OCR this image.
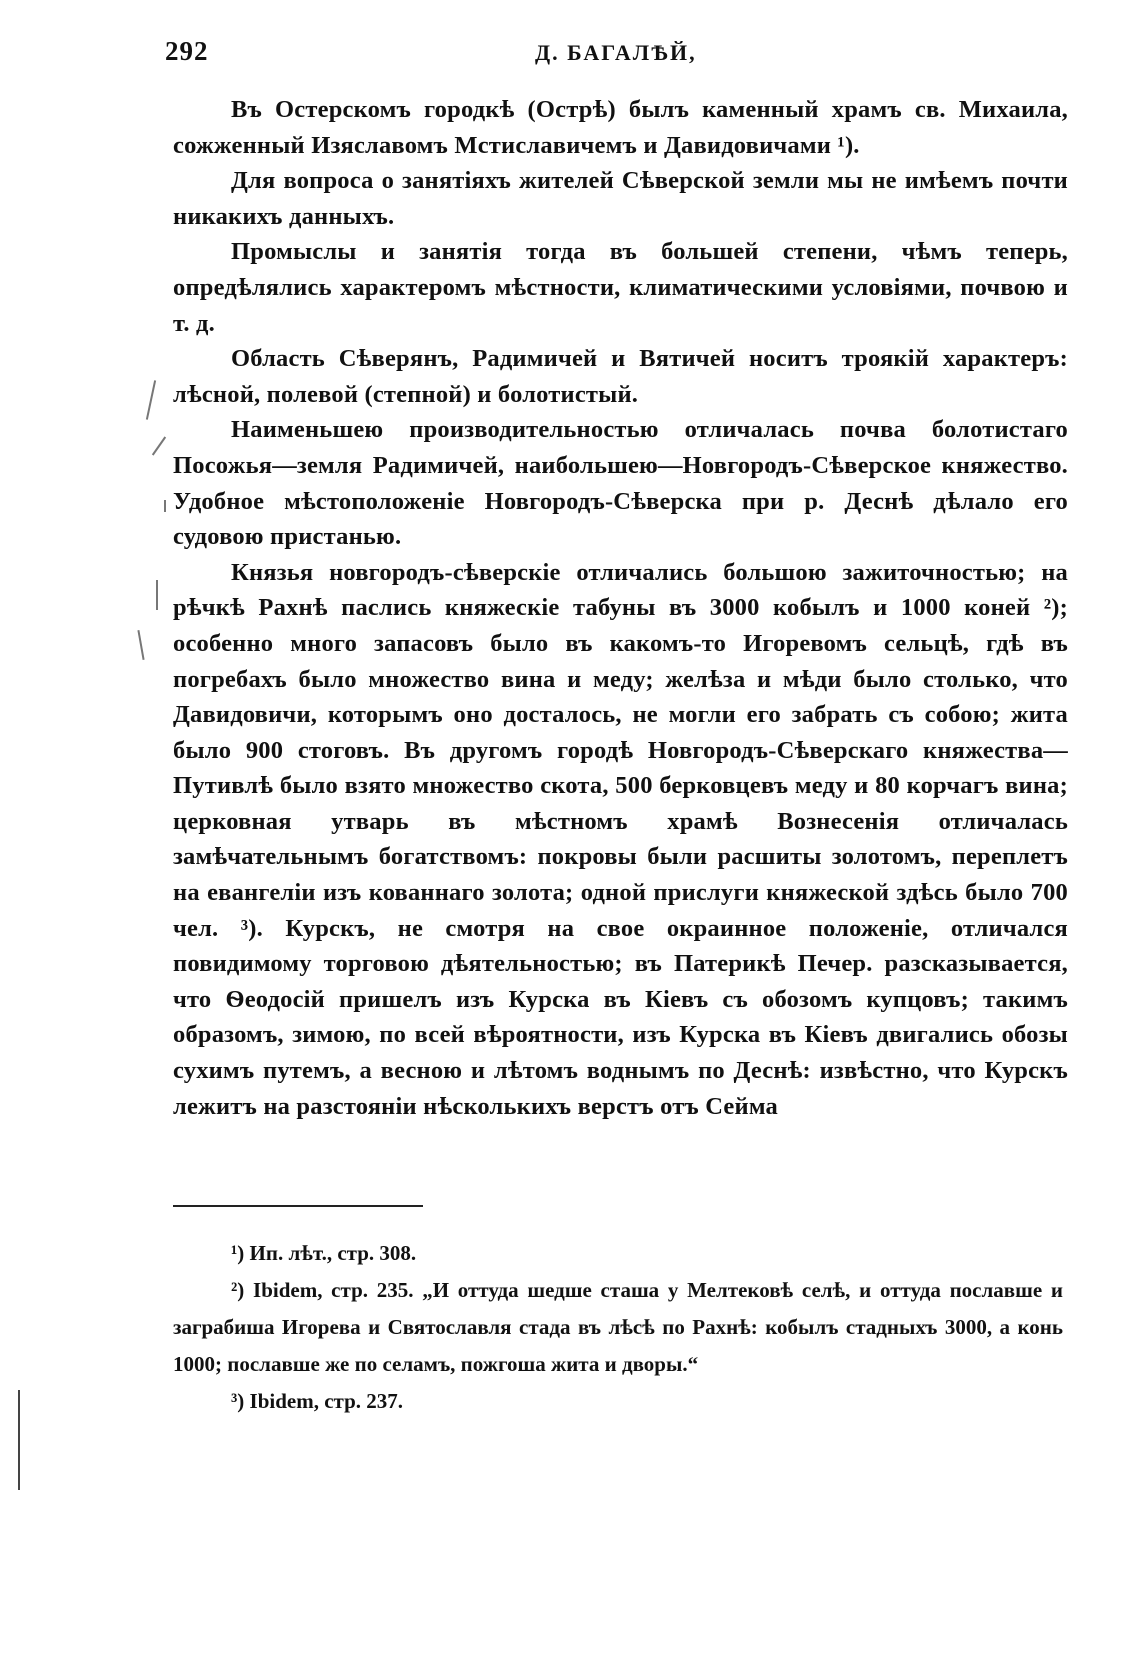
292	Д. БАГАЛѢЙ,

Въ Остерскомъ городкѣ (Острѣ) былъ каменный храмъ св. Михаила, сожженный Изяславомъ Мстиславичемъ и Давидовичами ¹).

Для вопроса о занятіяхъ жителей Сѣверской земли мы не имѣемъ почти никакихъ данныхъ.

Промыслы и занятія тогда въ большей степени, чѣмъ теперь, опредѣлялись характеромъ мѣстности, климатическими условіями, почвою и т. д.

Область Сѣверянъ, Радимичей и Вятичей носитъ троякій характеръ: лѣсной, полевой (степной) и болотистый.

Наименьшею производительностью отличалась почва болотистаго Посожья—земля Радимичей, наибольшею—Новгородъ-Сѣверское княжество. Удобное мѣстоположеніе Новгородъ-Сѣверска при р. Деснѣ дѣлало его судовою пристанью.

Князья новгородъ-сѣверскіе отличались большою зажиточностью; на рѣчкѣ Рахнѣ паслись княжескіе табуны въ 3000 кобылъ и 1000 коней ²); особенно много запасовъ было въ какомъ-то Игоревомъ сельцѣ, гдѣ въ погребахъ было множество вина и меду; желѣза и мѣди было столько, что Давидовичи, которымъ оно досталось, не могли его забрать съ собою; жита было 900 стоговъ. Въ другомъ городѣ Новгородъ-Сѣверскаго княжества—Путивлѣ было взято множество скота, 500 берковцевъ меду и 80 корчагъ вина; церковная утварь въ мѣстномъ храмѣ Вознесенія отличалась замѣчательнымъ богатствомъ: покровы были расшиты золотомъ, переплетъ на евангеліи изъ кованнаго золота; одной прислуги княжеской здѣсь было 700 чел. ³). Курскъ, не смотря на свое окраинное положеніе, отличался повидимому торговою дѣятельностью; въ Патерикѣ Печер. разсказывается, что Ѳеодосій пришелъ изъ Курска въ Кіевъ съ обозомъ купцовъ; такимъ образомъ, зимою, по всей вѣроятности, изъ Курска въ Кіевъ двигались обозы сухимъ путемъ, а весною и лѣтомъ воднымъ по Деснѣ: извѣстно, что Курскъ лежитъ на разстояніи нѣсколькихъ верстъ отъ Сейма

¹) Ип. лѣт., стр. 308.

²) Ibidem, стр. 235. „И оттуда шедше сташа у Мелтековѣ селѣ, и оттуда пославше и заграбиша Игорева и Святославля стада въ лѣсѣ по Рахнѣ: кобылъ стадныхъ 3000, а конь 1000; пославше же по селамъ, пожгоша жита и дворы.“

³) Ibidem, стр. 237.
